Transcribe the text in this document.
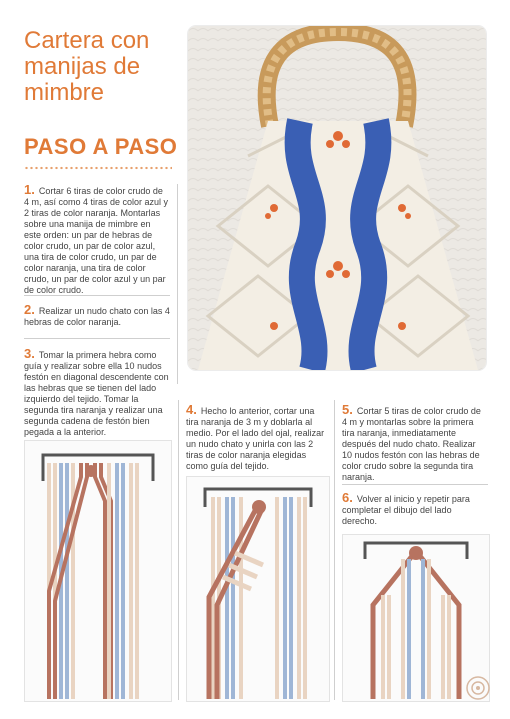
Cartera con manijas de mimbre
PASO A PASO
1. Cortar 6 tiras de color crudo de 4 m, así como 4 tiras de color azul y 2 tiras de color naranja. Montarlas sobre una manija de mimbre en este orden: un par de hebras de color crudo, un par de color azul, una tira de color crudo, un par de color naranja, una tira de color crudo, un par de color azul y un par de color crudo.
2. Realizar un nudo chato con las 4 hebras de color naranja.
3. Tomar la primera hebra como guía y realizar sobre ella 10 nudos festón en diagonal descendente con las hebras que se tienen del lado izquierdo del tejido. Tomar la segunda tira naranja y realizar una segunda cadena de festón bien pegada a la anterior.
4. Hecho lo anterior, cortar una tira naranja de 3 m y doblarla al medio. Por el lado del ojal, realizar un nudo chato y unirla con las 2 tiras de color naranja elegidas como guía del tejido.
5. Cortar 5 tiras de color crudo de 4 m y montarlas sobre la primera tira naranja, inmediatamente después del nudo chato. Realizar 10 nudos festón con las hebras de color crudo sobre la segunda tira naranja.
6. Volver al inicio y repetir para completar el dibujo del lado derecho.
